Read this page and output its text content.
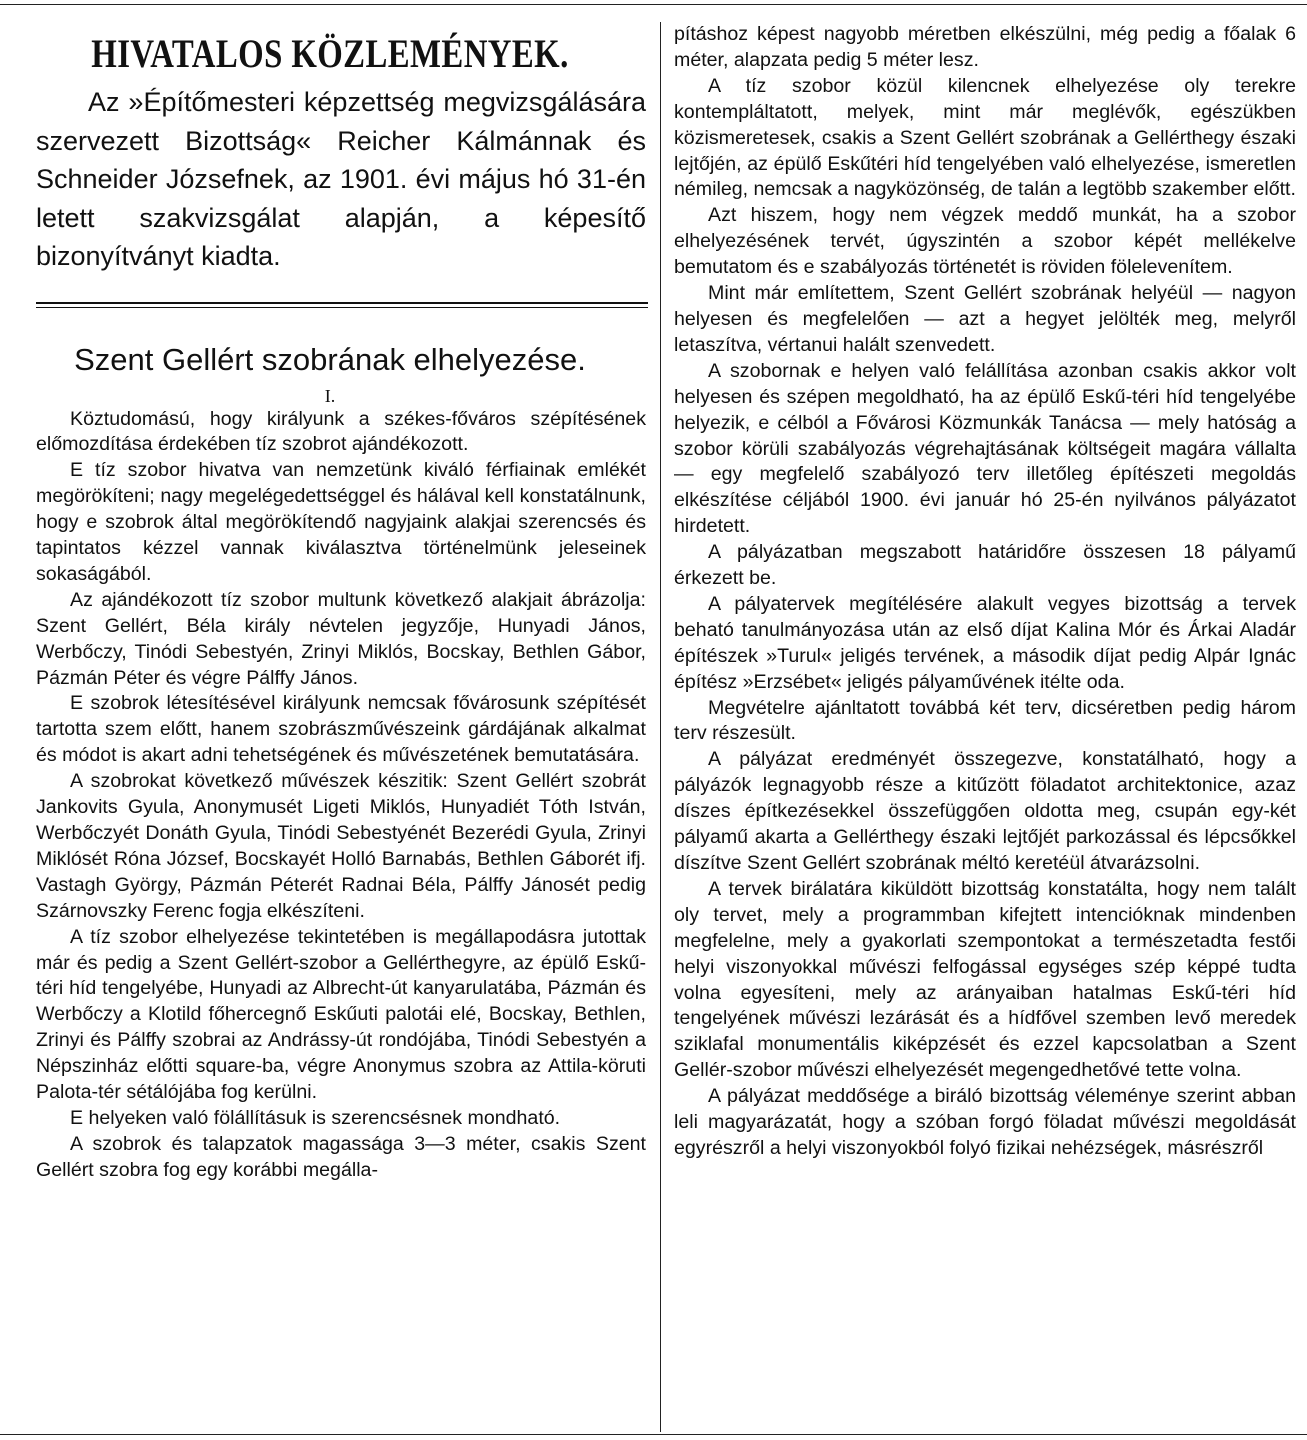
HIVATALOS KÖZLEMÉNYEK.
Az »Építőmesteri képzettség megvizsgálására szervezett Bizottság« Reicher Kálmánnak és Schneider Józsefnek, az 1901. évi május hó 31-én letett szakvizsgálat alapján, a képesítő bizonyítványt kiadta.
Szent Gellért szobrának elhelyezése.
I.

Köztudomású, hogy királyunk a székes-főváros szépítésének előmozdítása érdekében tíz szobrot ajándékozott.

E tíz szobor hivatva van nemzetünk kiváló férfiainak emlékét megörökíteni; nagy megelégedettséggel és hálával kell konstatálnunk, hogy e szobrok által megörökítendő nagyjaink alakjai szerencsés és tapintatos kézzel vannak kiválasztva történelmünk jeleseinek sokaságából.

Az ajándékozott tíz szobor multunk következő alakjait ábrázolja: Szent Gellért, Béla király névtelen jegyzője, Hunyadi János, Werbőczy, Tinódi Sebestyén, Zrinyi Miklós, Bocskay, Bethlen Gábor, Pázmán Péter és végre Pálffy János.

E szobrok létesítésével királyunk nemcsak fővárosunk szépítését tartotta szem előtt, hanem szobrászművészeink gárdájának alkalmat és módot is akart adni tehetségének és művészetének bemutatására.

A szobrokat következő művészek készitik: Szent Gellért szobrát Jankovits Gyula, Anonymusét Ligeti Miklós, Hunyadiét Tóth István, Werbőczyét Donáth Gyula, Tinódi Sebestyénét Bezerédi Gyula, Zrinyi Miklósét Róna József, Bocskayét Holló Barnabás, Bethlen Gáborét ifj. Vastagh György, Pázmán Péterét Radnai Béla, Pálffy Jánosét pedig Szárnovszky Ferenc fogja elkészíteni.

A tíz szobor elhelyezése tekintetében is megállapodásra jutottak már és pedig a Szent Gellért-szobor a Gellérthegyre, az épülő Eskű-téri híd tengelyébe, Hunyadi az Albrecht-út kanyarulatába, Pázmán és Werbőczy a Klotild főhercegnő Eskűuti palotái elé, Bocskay, Bethlen, Zrinyi és Pálffy szobrai az Andrássy-út rondójába, Tinódi Sebestyén a Népszinház előtti square-ba, végre Anonymus szobra az Attila-köruti Palota-tér sétálójába fog kerülni.

E helyeken való fölállításuk is szerencsésnek mondható.

A szobrok és talapzatok magassága 3—3 méter, csakis Szent Gellért szobra fog egy korábbi megálla-

pításhoz képest nagyobb méretben elkészülni, még pedig a főalak 6 méter, alapzata pedig 5 méter lesz.

A tíz szobor közül kilencnek elhelyezése oly terekre kontempláltatott, melyek, mint már meglévők, egészükben közismeretesek, csakis a Szent Gellért szobrának a Gellérthegy északi lejtőjén, az épülő Eskűtéri híd tengelyében való elhelyezése, ismeretlen némileg, nemcsak a nagyközönség, de talán a legtöbb szakember előtt.

Azt hiszem, hogy nem végzek meddő munkát, ha a szobor elhelyezésének tervét, úgyszintén a szobor képét mellékelve bemutatom és e szabályozás történetét is röviden fölelevenítem.

Mint már említettem, Szent Gellért szobrának helyéül — nagyon helyesen és megfelelően — azt a hegyet jelölték meg, melyről letaszítva, vértanui halált szenvedett.

A szobornak e helyen való felállítása azonban csakis akkor volt helyesen és szépen megoldható, ha az épülő Eskű-téri híd tengelyébe helyezik, e célból a Fővárosi Közmunkák Tanácsa — mely hatóság a szobor körüli szabályozás végrehajtásának költségeit magára vállalta — egy megfelelő szabályozó terv illetőleg építészeti megoldás elkészítése céljából 1900. évi január hó 25-én nyilvános pályázatot hirdetett.

A pályázatban megszabott határidőre összesen 18 pályamű érkezett be.

A pályatervek megítélésére alakult vegyes bizottság a tervek beható tanulmányozása után az első díjat Kalina Mór és Árkai Aladár építészek »Turul« jeligés tervének, a második díjat pedig Alpár Ignác építész »Erzsébet« jeligés pályaművének itélte oda.

Megvételre ajánltatott továbbá két terv, dicséretben pedig három terv részesült.

A pályázat eredményét összegezve, konstatálható, hogy a pályázók legnagyobb része a kitűzött föladatot architektonice, azaz díszes építkezésekkel összefüggően oldotta meg, csupán egy-két pályamű akarta a Gellérthegy északi lejtőjét parkozással és lépcsőkkel díszítve Szent Gellért szobrának méltó keretéül átvarázsolni.

A tervek birálatára kiküldött bizottság konstatálta, hogy nem talált oly tervet, mely a programmban kifejtett intencióknak mindenben megfelelne, mely a gyakorlati szempontokat a természetadta festői helyi viszonyokkal művészi felfogással egységes szép képpé tudta volna egyesíteni, mely az arányaiban hatalmas Eskű-téri híd tengelyének művészi lezárását és a hídfővel szemben levő meredek sziklafal monumentális kiképzését és ezzel kapcsolatban a Szent Gellér-szobor művészi elhelyezését megengedhetővé tette volna.

A pályázat meddősége a biráló bizottság véleménye szerint abban leli magyarázatát, hogy a szóban forgó föladat művészi megoldását egyrészről a helyi viszonyokból folyó fizikai nehézségek, másrészről
